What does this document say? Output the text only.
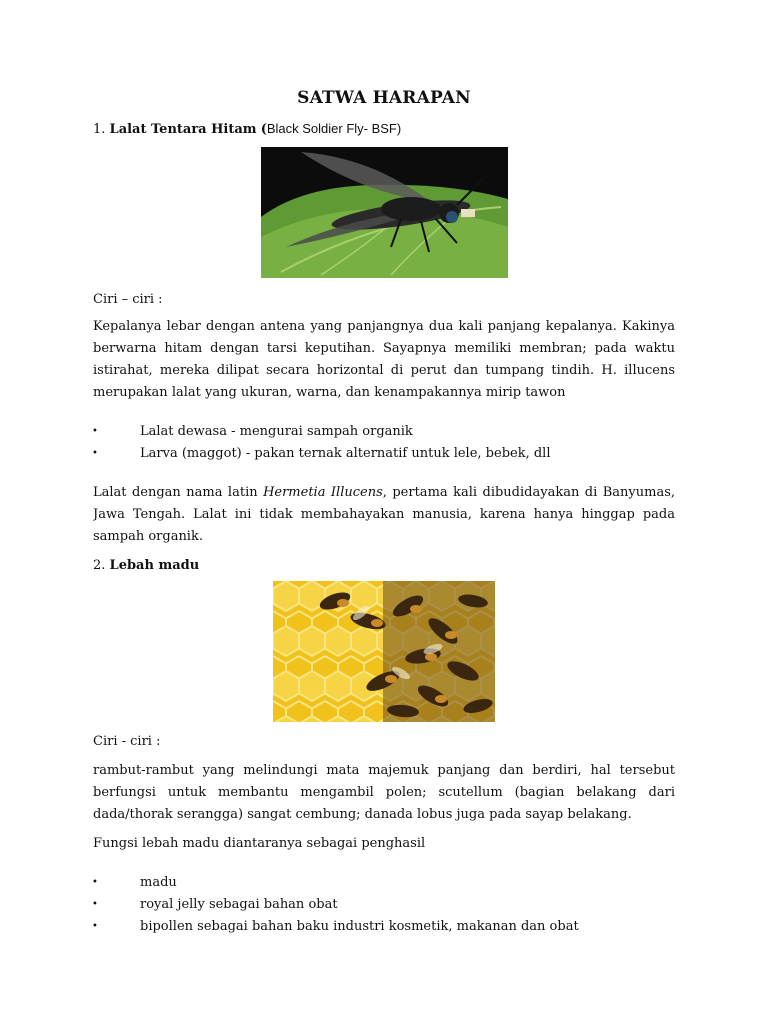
SATWA HARAPAN
1. Lalat Tentara Hitam (Black Soldier Fly- BSF)
Ciri – ciri :
Kepalanya lebar dengan antena yang panjangnya dua kali panjang kepalanya. Kakinya
berwarna hitam dengan tarsi keputihan. Sayapnya memiliki membran; pada waktu
istirahat, mereka dilipat secara horizontal di perut dan tumpang tindih. H. illucens
merupakan lalat yang ukuran, warna, dan kenampakannya mirip tawon
•	Lalat dewasa - mengurai sampah organik
•	Larva (maggot) - pakan ternak alternatif untuk lele, bebek, dll
Lalat dengan nama latin Hermetia Illucens, pertama kali dibudidayakan di Banyumas,
Jawa Tengah. Lalat ini tidak membahayakan manusia, karena hanya hinggap pada
sampah organik.
2. Lebah madu
Ciri - ciri :
rambut-rambut yang melindungi mata majemuk panjang dan berdiri, hal tersebut
berfungsi untuk membantu mengambil polen; scutellum (bagian belakang dari
dada/thorak serangga) sangat cembung; danada lobus juga pada sayap belakang.
Fungsi lebah madu diantaranya sebagai penghasil
•	madu
•	royal jelly sebagai bahan obat
•	bipollen sebagai bahan baku industri kosmetik, makanan dan obat
